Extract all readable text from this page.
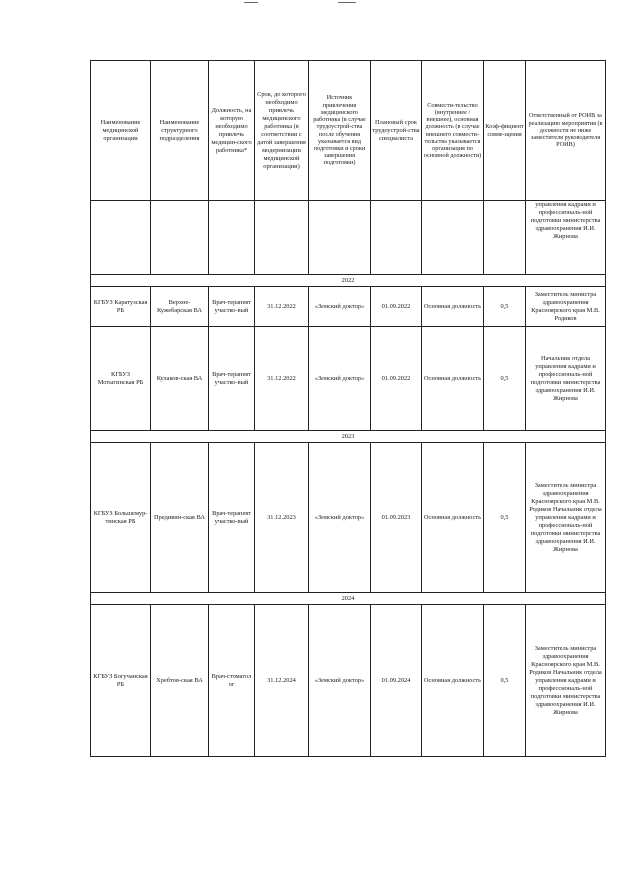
Наименование медицинской организации	Наименование структурного подразделения	Должность, на которую необходимо привлечь медицин-ского работника*	Срок, до которого необходимо привлечь медицинского работника (в соответствии с датой завершения модернизации медицинской организации)	Источник привлечения медицинского работника (в случае трудоустрой-ства после обучения указывается вид подготовки и сроки завершения подготовки)	Плановый срок трудоустрой-ства специалиста	Совмести-тельство (внутреннее /внешнее), основная должность (в случае внешнего совмести-тельства указывается организация по основной должности)	Коэф-фициент совме-щения	Ответственный от РОИВ за реализацию мероприятия (в должности не ниже заместителя руководителя РОИВ)
								управления кадрами и профессиональ-ной подготовки министерства здравоохранения И.И. Жирнова
2022								
КГБУЗ Каратузская РБ	Верхне-Кужебарская ВА	Врач-терапевт участко-вый	31.12.2022	«Земский доктор»	01.09.2022	Основная должность	0,5	Заместитель министра здравоохранения Красноярского края М.В. Родиков
КГБУЗ Мотыгинская РБ	Кулаков-ская ВА	Врач-терапевт участко-вый	31.12.2022	«Земский доктор»	01.09.2022	Основная должность	0,5	Начальник отдела управления кадрами и профессиональ-ной подготовки министерства здравоохранения И.И. Жирнова
2023								
КГБУЗ Большемур-тинская РБ	Предивин-ская ВА	Врач-терапевт участко-вый	31.12.2023	«Земский доктор»	01.09.2023	Основная должность	0,5	Заместитель министра здравоохранения Красноярского края М.В. Родиков Начальник отдела управления кадрами и профессиональ-ной подготовки министерства здравоохранения И.И. Жирнова
2024								
КГБУЗ Богучанская РБ	Хребтов-ская ВА	Врач-стоматол ог	31.12.2024	«Земский доктор»	01.09.2024	Основная должность	0,5	Заместитель министра здравоохранения Красноярского края М.В. Родиков Начальник отдела управления кадрами и профессиональ-ной подготовки министерства здравоохранения И.И. Жирнова
